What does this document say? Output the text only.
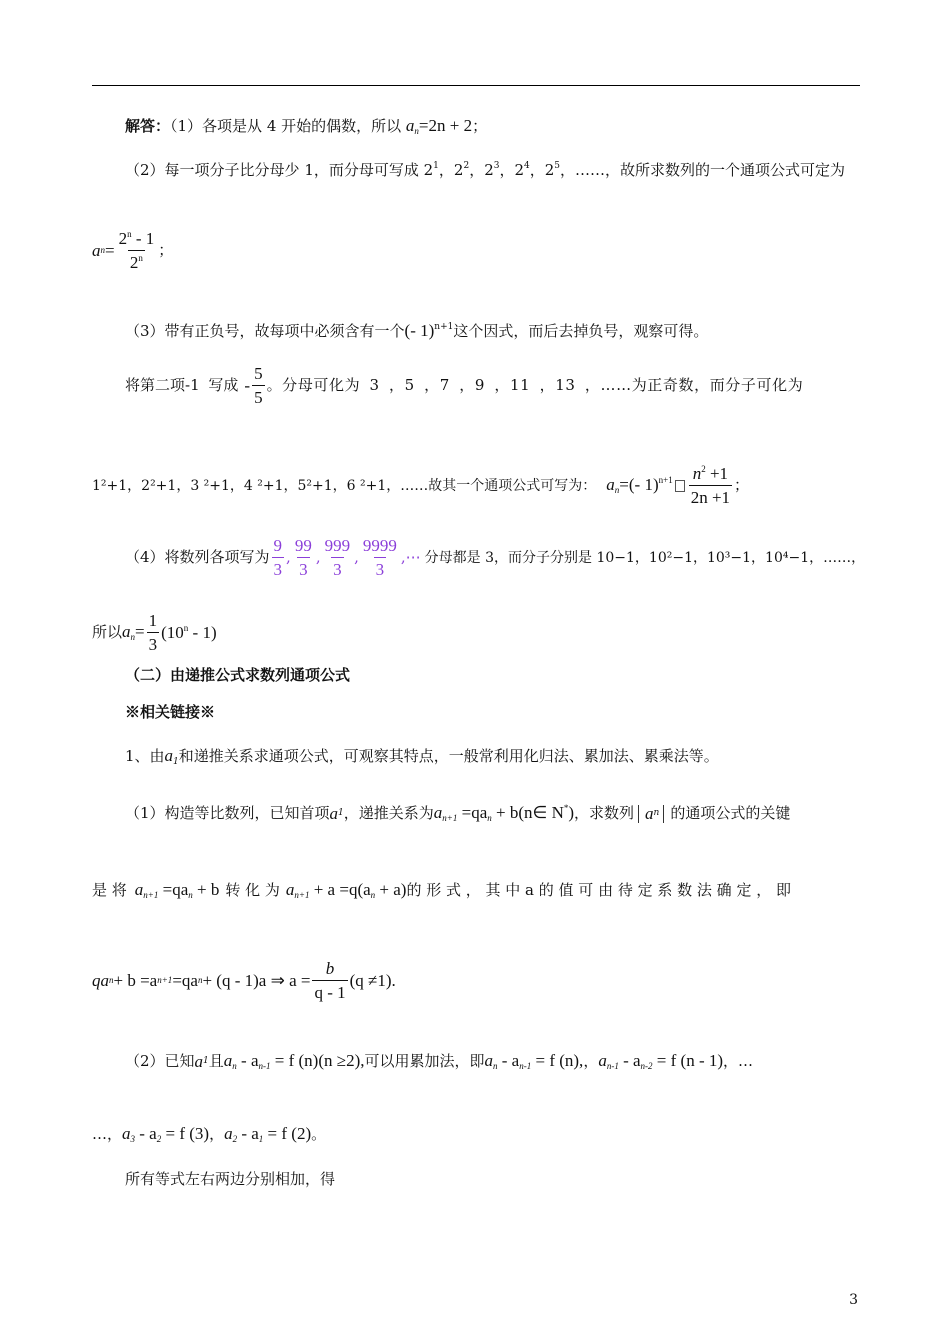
解答：（1）各项是从 4 开始的偶数，所以 $a_n=2n + 2$；
（2）每一项分子比分母少 1，而分母可写成 $2^1$，$2^2$，$2^3$，$2^4$，$2^5$，……，故所求数列的一个通项公式可定为
a $n = \frac{2^n - 1}{2^n}$ ；
（3）带有正负号，故每项中必须含有一个(- 1)$^{n+1}$这个因式，而后去掉负号，观察可得。
将第二项-1 写成 - $\frac{5}{5}$ 。分母可化为 3 ，5 ，7 ，9 ，11 ，13 ，……为正奇数，而分子可化为
1²+1，2²+1，3 ²+1，4 ²+1，5²+1，6 ²+1，……故其一个通项公式可写为： $a_n=(-$ $1)^{n+1} \frac{n^2 +1}{2n +1}$ ；
（4）将数列各项写为 $\frac{9}{3}$ , $\frac{99}{3}$ , $\frac{999}{3}$ , $\frac{9999}{3}$ ,⋯ 分母都是 3，而分子分别是 10−1，10²−1，10³−1，10⁴−1，……，
所以 $a_n= \frac{1}{3} (10^n - 1)$
（二）由递推公式求数列通项公式
※相关链接※
1、由$a_1$和递推关系求通项公式，可观察其特点，一般常利用化归法、累加法、累乘法等。
（1）构造等比数列，已知首项 a 1 ，递推关系为 $a_{n+1} =qa_n$ + b(n∈ N*) ，求数列 a n 的通项公式的关键
是 将 $a_{n+1} =qa_n + b$ 转 化 为 $a_{n+1} + a =q(a_n + a)$ 的 形 式 ， 其 中 a 的 值 可 由 待 定 系 数 法 确 定 ， 即
qa n + b =a n+1 =qa n + (q - 1)a ⇒ $a = \frac{b}{q - 1} (q \ne 1)$.
（2）已知 a 1 且 $a_n - a_{n-1} = f$ (n)(n ≥2), 可以用累加法，即 $a_n - a_{n-1} = f$ (n), ， $a_{n-1} - a_{n-2} = f$ (n - 1) ，…
…， $a_3 - a_2 = f$ (3) ， $a_2 - a_1 = f$ (2) 。
所有等式左右两边分别相加，得
3
